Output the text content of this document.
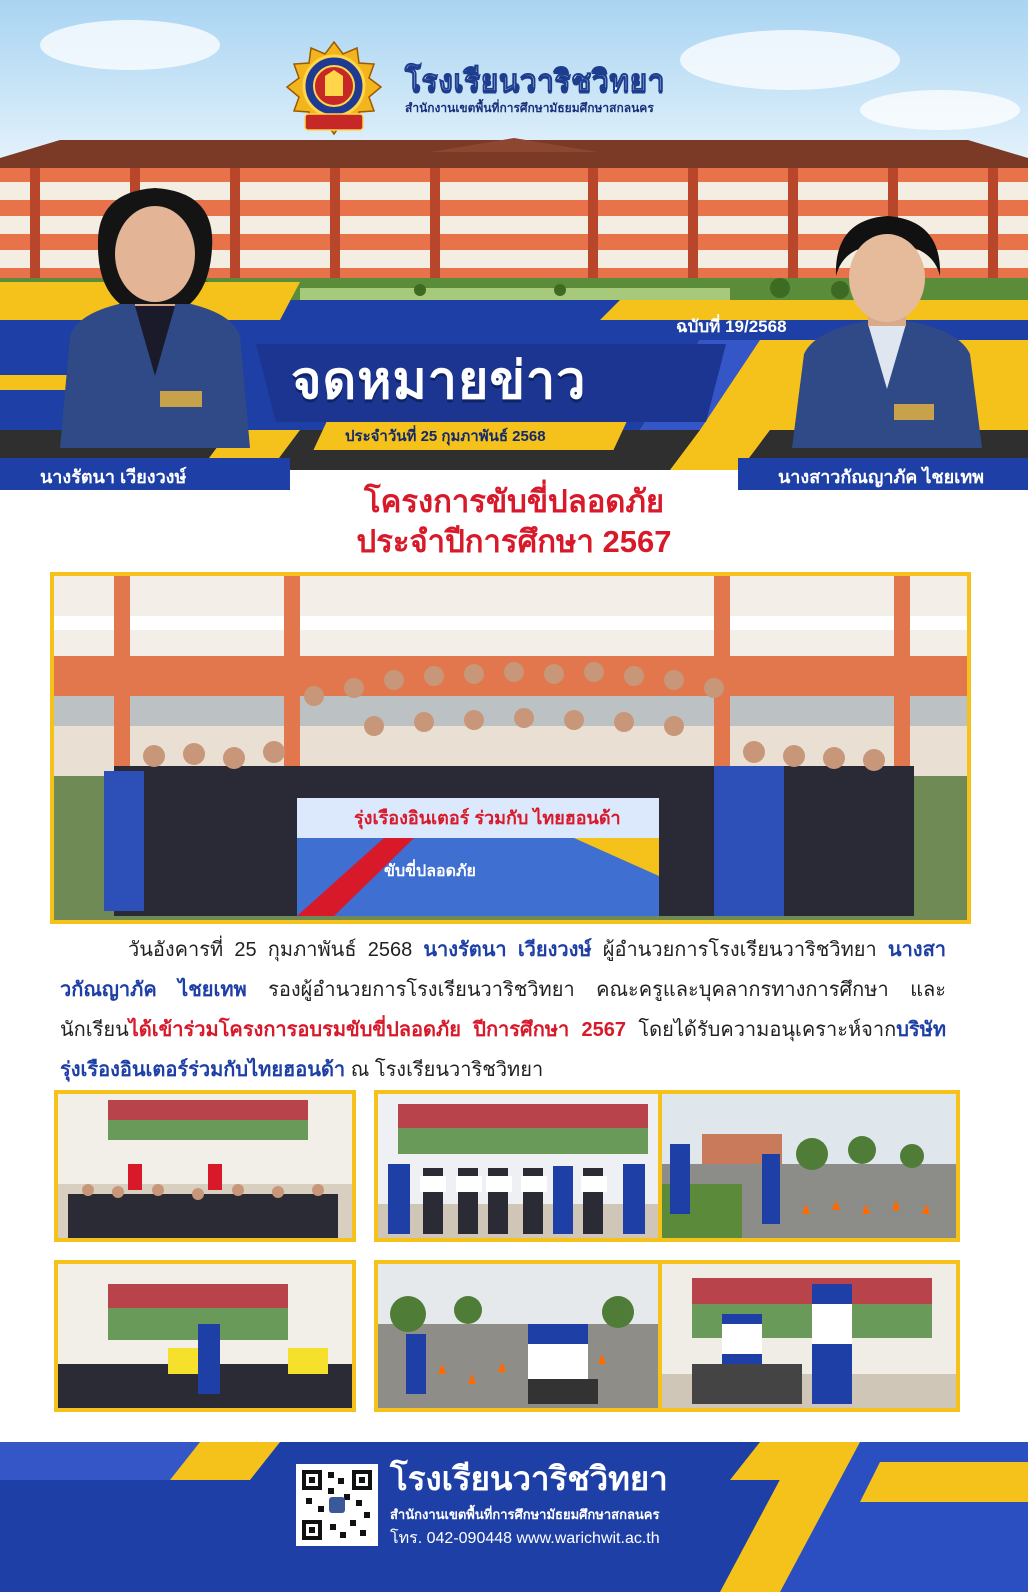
โรงเรียนวาริชวิทยา
สำนักงานเขตพื้นที่การศึกษามัธยมศึกษาสกลนคร
ฉบับที่ 19/2568
จดหมายข่าว
ประจำวันที่ 25 กุมภาพันธ์ 2568
นางรัตนา เวียงวงษ์	นางสาวกัณญาภัค ไชยเทพ
โครงการขับขี่ปลอดภัย
ประจำปีการศึกษา 2567
รุ่งเรืองอินเตอร์ ร่วมกับ ไทยฮอนด้า
ขับขี่ปลอดภัย
วันอังคารที่ 25 กุมภาพันธ์ 2568 นางรัตนา เวียงวงษ์ ผู้อำนวยการโรงเรียนวาริชวิทยา นางสาวกัณญาภัค ไชยเทพ รองผู้อำนวยการโรงเรียนวาริชวิทยา คณะครูและบุคลากรทางการศึกษา และนักเรียนได้เข้าร่วมโครงการอบรมขับขี่ปลอดภัย ปีการศึกษา 2567 โดยได้รับความอนุเคราะห์จากบริษัทรุ่งเรืองอินเตอร์ร่วมกับไทยฮอนด้า ณ โรงเรียนวาริชวิทยา
โรงเรียนวาริชวิทยา
สำนักงานเขตพื้นที่การศึกษามัธยมศึกษาสกลนคร
โทร. 042-090448 www.warichwit.ac.th
